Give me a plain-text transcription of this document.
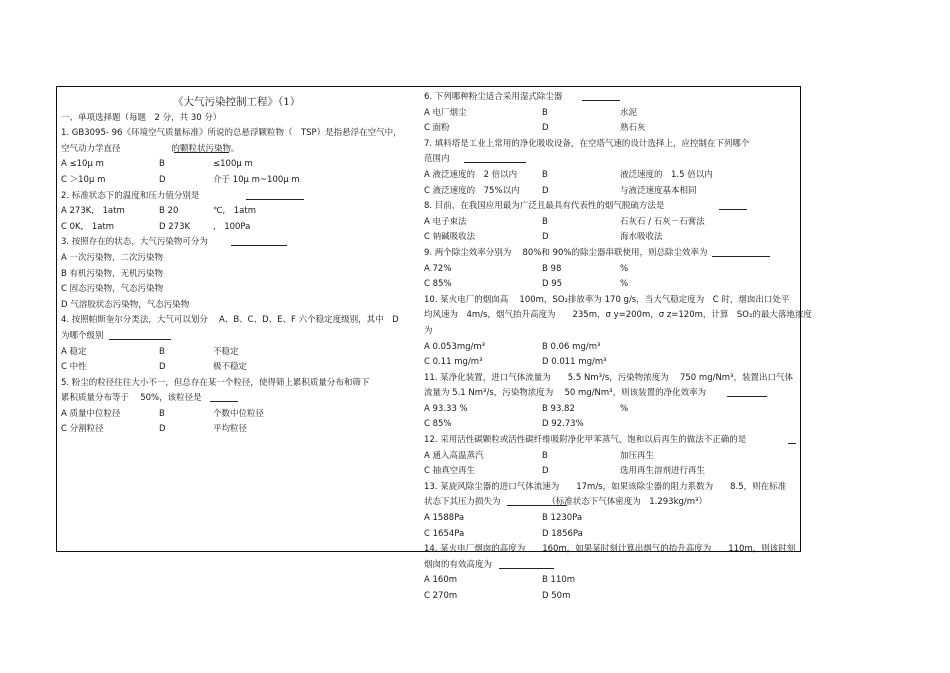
《大气污染控制工程》（1）
一、单项选择题（每题　2 分，共 30 分）
1. GB3095- 96《环境空气质量标准》所说的总悬浮颗粒物（　TSP）是指悬浮在空气中，
空气动力学直径　　　　　　的颗粒状污染物。
A ≤10μ m	B	≤100μ m
C ＞10μ m	D	介于 10μ m~100μ m
2. 标准状态下的温度和压力值分别是
A 273K,　1atm	B 20	℃,　1atm
C 0K,　1atm	D 273K	,　100Pa
3. 按照存在的状态，大气污染物可分为
A 一次污染物，二次污染物
B 有机污染物，无机污染物
C 固态污染物，气态污染物
D 气溶胶状态污染物，气态污染物
4. 按照帕斯奎尔分类法，大气可以划分　 A、B、C、D、E、F 六个稳定度级别，其中　D
为哪个级别
A 稳定	B	不稳定
C 中性	D	极不稳定
5. 粉尘的粒径往往大小不一，但总存在某一个粒径，使得筛上累积质量分布和筛下
累积质量分布等于　 50%，该粒径是
A 质量中位粒径	B	个数中位粒径
C 分割粒径	D	平均粒径
6. 下列哪种粉尘适合采用湿式除尘器
A 电厂烟尘	B	水泥
C 面粉	D	熟石灰
7. 填料塔是工业上常用的净化吸收设备，在空塔气速的设计选择上，应控制在下列哪个
范围内
A 液泛速度的　2 倍以内	B	液泛速度的　1.5 倍以内
C 液泛速度的　75%以内	D	与液泛速度基本相同
8. 目前，在我国应用最为广泛且最具有代表性的烟气脱硫方法是
A 电子束法	B	石灰石 / 石灰－石膏法
C 钠碱吸收法	D	海水吸收法
9. 两个除尘效率分别为　 80%和 90%的除尘器串联使用，则总除尘效率为
A 72%	B 98	%
C 85%	D 95	%
10. 某火电厂的烟囱高　 100m，SO₂排放率为 170 g/s，当大气稳定度为　C 时，烟囱出口处平
均风速为　4m/s，烟气抬升高度为　　235m，σ y=200m，σ z=120m，计算　SO₂的最大落地浓度
为
A 0.053mg/m³	B 0.06 mg/m³
C 0.11 mg/m³	D 0.011 mg/m³
11. 某净化装置，进口气体流量为　　5.5 Nm³/s，污染物浓度为　 750 mg/Nm³，装置出口气体
流量为 5.1 Nm³/s，污染物浓度为　 50 mg/Nm³，则该装置的净化效率为
A 93.33 %	B 93.82	%
C 85%	D 92.73%
12. 采用活性碳颗粒或活性碳纤维吸附净化甲苯蒸气，饱和以后再生的做法不正确的是
A 通入高温蒸汽	B	加压再生
C 抽真空再生	D	选用再生溶剂进行再生
13. 某旋风除尘器的进口气体流速为　　17m/s，如果该除尘器的阻力系数为　　8.5，则在标准
状态下其压力损失为　　　　　　（标准状态下气体密度为　1.293kg/m³）
A 1588Pa	B 1230Pa
C 1654Pa	D 1856Pa
14. 某火电厂烟囱的高度为　　160m，如果某时刻计算出烟气的抬升高度为　　110m，则该时刻
烟囱的有效高度为
A 160m	B 110m
C 270m	D 50m
